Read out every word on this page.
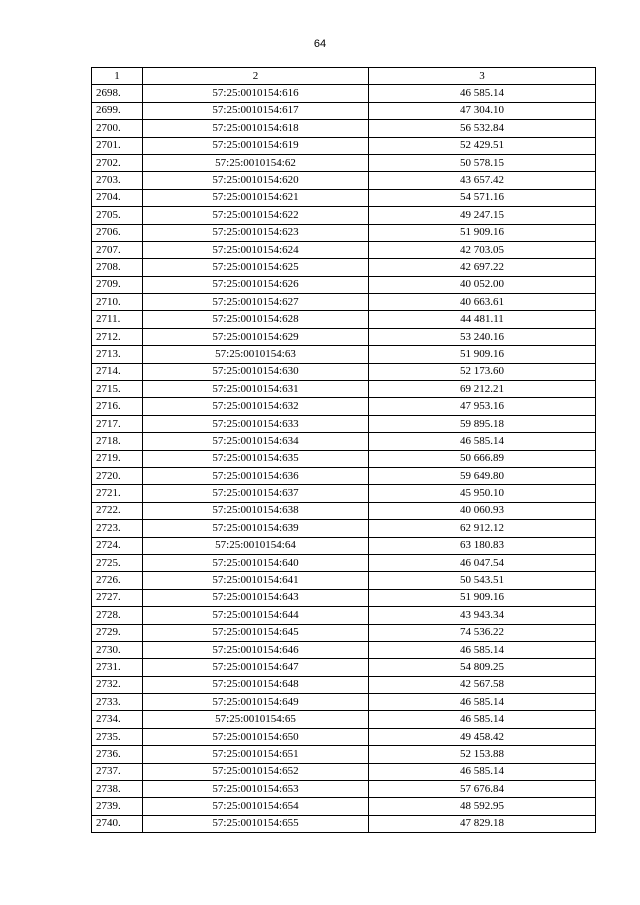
64
1	2	3
2698.	57:25:0010154:616	46 585.14
2699.	57:25:0010154:617	47 304.10
2700.	57:25:0010154:618	56 532.84
2701.	57:25:0010154:619	52 429.51
2702.	57:25:0010154:62	50 578.15
2703.	57:25:0010154:620	43 657.42
2704.	57:25:0010154:621	54 571.16
2705.	57:25:0010154:622	49 247.15
2706.	57:25:0010154:623	51 909.16
2707.	57:25:0010154:624	42 703.05
2708.	57:25:0010154:625	42 697.22
2709.	57:25:0010154:626	40 052.00
2710.	57:25:0010154:627	40 663.61
2711.	57:25:0010154:628	44 481.11
2712.	57:25:0010154:629	53 240.16
2713.	57:25:0010154:63	51 909.16
2714.	57:25:0010154:630	52 173.60
2715.	57:25:0010154:631	69 212.21
2716.	57:25:0010154:632	47 953.16
2717.	57:25:0010154:633	59 895.18
2718.	57:25:0010154:634	46 585.14
2719.	57:25:0010154:635	50 666.89
2720.	57:25:0010154:636	59 649.80
2721.	57:25:0010154:637	45 950.10
2722.	57:25:0010154:638	40 060.93
2723.	57:25:0010154:639	62 912.12
2724.	57:25:0010154:64	63 180.83
2725.	57:25:0010154:640	46 047.54
2726.	57:25:0010154:641	50 543.51
2727.	57:25:0010154:643	51 909.16
2728.	57:25:0010154:644	43 943.34
2729.	57:25:0010154:645	74 536.22
2730.	57:25:0010154:646	46 585.14
2731.	57:25:0010154:647	54 809.25
2732.	57:25:0010154:648	42 567.58
2733.	57:25:0010154:649	46 585.14
2734.	57:25:0010154:65	46 585.14
2735.	57:25:0010154:650	49 458.42
2736.	57:25:0010154:651	52 153.88
2737.	57:25:0010154:652	46 585.14
2738.	57:25:0010154:653	57 676.84
2739.	57:25:0010154:654	48 592.95
2740.	57:25:0010154:655	47 829.18
